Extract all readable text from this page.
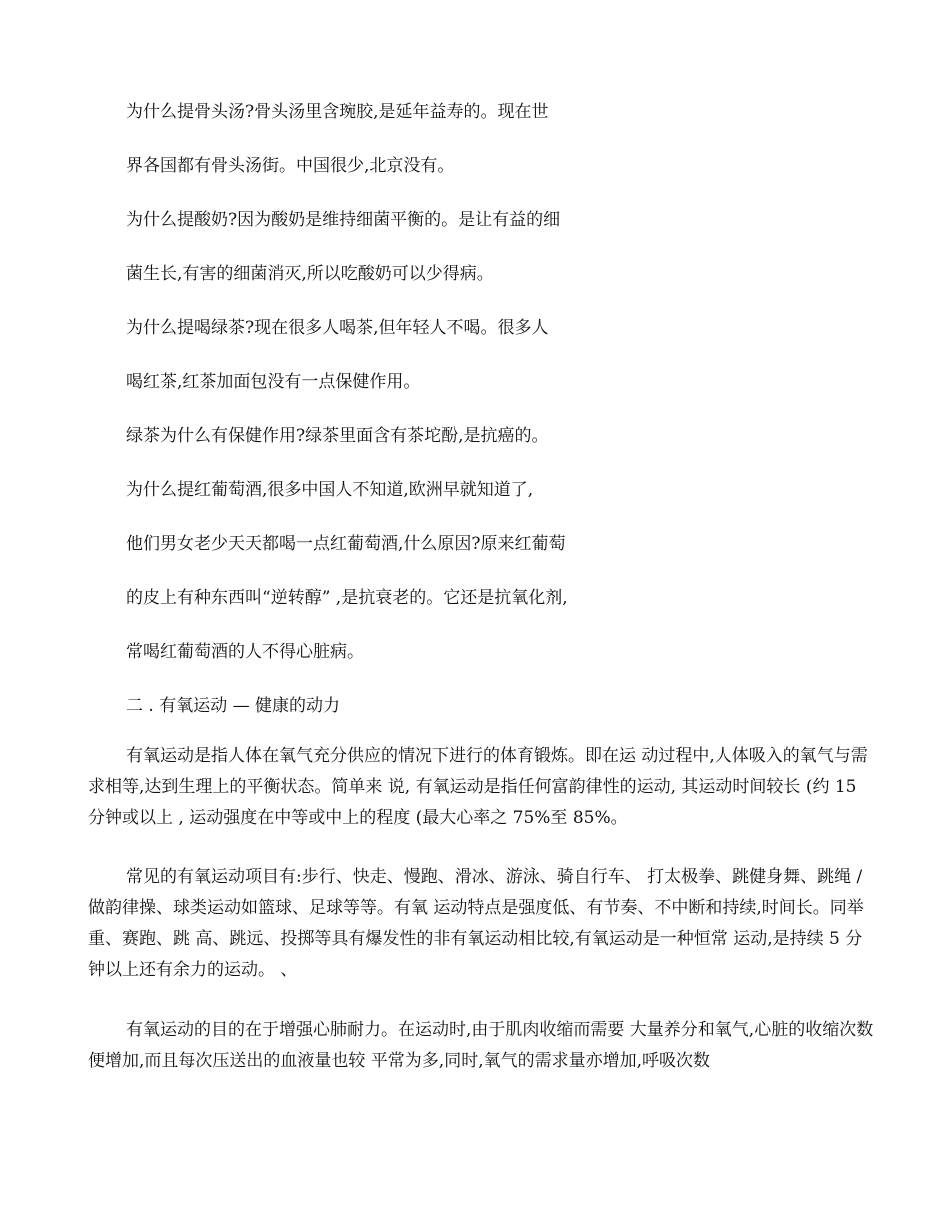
为什么提骨头汤?骨头汤里含琬胶,是延年益寿的。现在世
界各国都有骨头汤街。中国很少,北京没有。
为什么提酸奶?因为酸奶是维持细菌平衡的。是让有益的细
菌生长,有害的细菌消灭,所以吃酸奶可以少得病。
为什么提喝绿茶?现在很多人喝茶,但年轻人不喝。很多人
喝红茶,红茶加面包没有一点保健作用。
绿茶为什么有保健作用?绿茶里面含有茶坨酚,是抗癌的。
为什么提红葡萄酒,很多中国人不知道,欧洲早就知道了,
他们男女老少天天都喝一点红葡萄酒,什么原因?原来红葡萄
的皮上有种东西叫“逆转醇” ,是抗衰老的。它还是抗氧化剂,
常喝红葡萄酒的人不得心脏病。
二 . 有氧运动 — 健康的动力

有氧运动是指人体在氧气充分供应的情况下进行的体育锻炼。即在运 动过程中,人体吸入的氧气与需求相等,达到生理上的平衡状态。简单来 说, 有氧运动是指任何富韵律性的运动, 其运动时间较长 (约 15 分钟或以上 , 运动强度在中等或中上的程度 (最大心率之 75%至 85%。

常见的有氧运动项目有:步行、快走、慢跑、滑冰、游泳、骑自行车、 打太极拳、跳健身舞、跳绳 /做韵律操、球类运动如篮球、足球等等。有氧 运动特点是强度低、有节奏、不中断和持续,时间长。同举重、赛跑、跳 高、跳远、投掷等具有爆发性的非有氧运动相比较,有氧运动是一种恒常 运动,是持续 5 分钟以上还有余力的运动。 、

有氧运动的目的在于增强心肺耐力。在运动时,由于肌肉收缩而需要 大量养分和氧气,心脏的收缩次数便增加,而且每次压送出的血液量也较 平常为多,同时,氧气的需求量亦增加,呼吸次数
